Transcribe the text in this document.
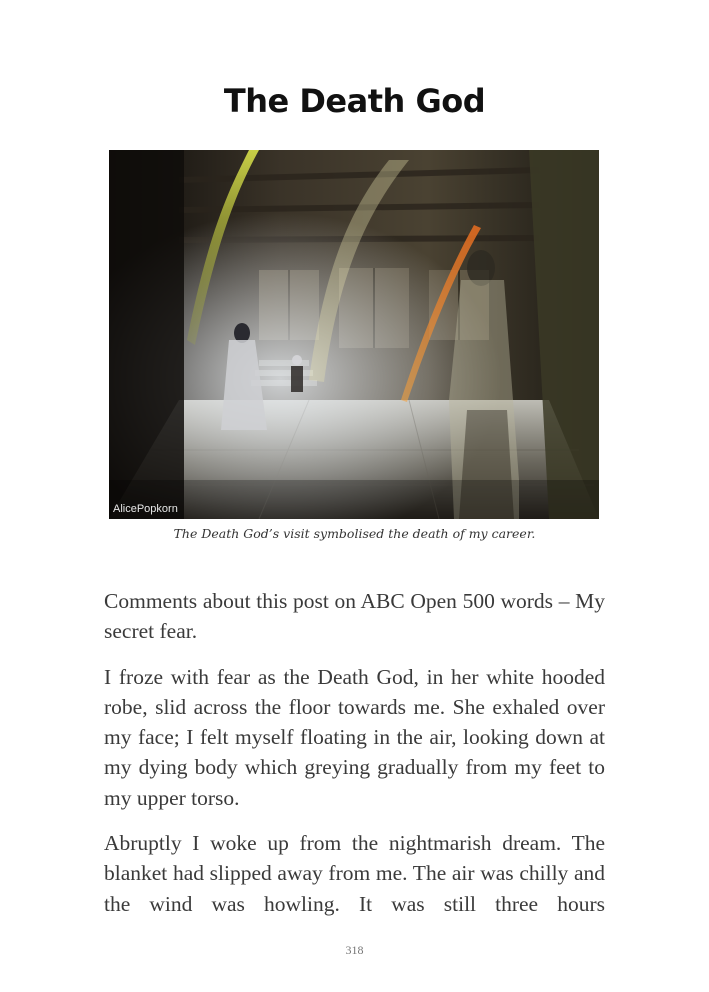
The Death God
AlicePopkorn

The Death God’s visit symbolised the death of my career.

Comments about this post on ABC Open 500 words – My secret fear.

I froze with fear as the Death God, in her white hooded robe, slid across the floor towards me. She exhaled over my face; I felt myself floating in the air, looking down at my dying body which greying gradually from my feet to my upper torso.

Abruptly I woke up from the nightmarish dream. The blanket had slipped away from me. The air was chilly and the wind was howling. It was still three hours

318
